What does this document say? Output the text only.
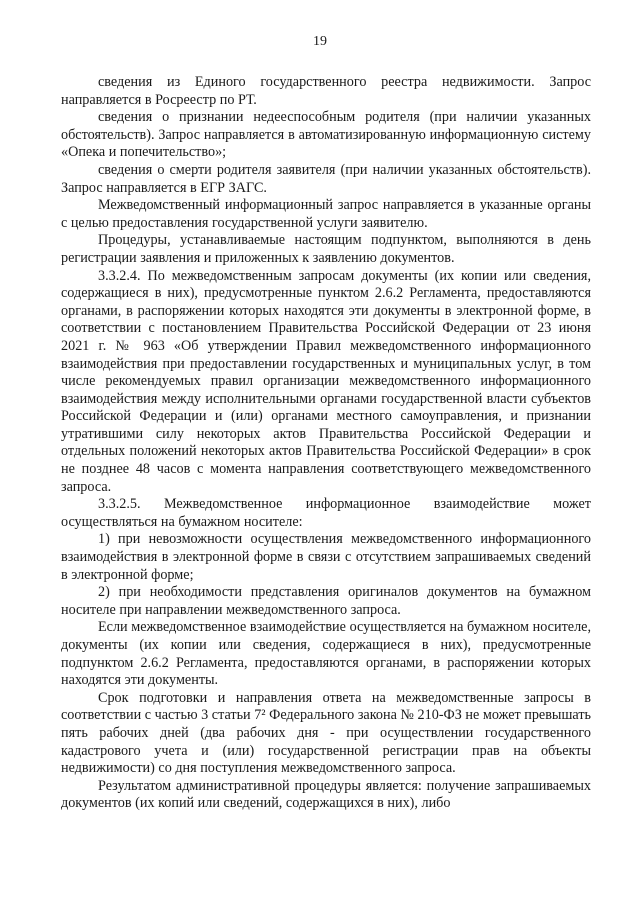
19

сведения из Единого государственного реестра недвижимости. Запрос направляется в Росреестр по РТ.

сведения о признании недееспособным родителя (при наличии указанных обстоятельств). Запрос направляется в автоматизированную информационную систему «Опека и попечительство»;

сведения о смерти родителя заявителя (при наличии указанных обстоятельств). Запрос направляется в ЕГР ЗАГС.

Межведомственный информационный запрос направляется в указанные органы с целью предоставления государственной услуги заявителю.

Процедуры, устанавливаемые настоящим подпунктом, выполняются в день регистрации заявления и приложенных к заявлению документов.

3.3.2.4. По межведомственным запросам документы (их копии или сведения, содержащиеся в них), предусмотренные пунктом 2.6.2 Регламента, предоставляются органами, в распоряжении которых находятся эти документы в электронной форме, в соответствии с постановлением Правительства Российской Федерации от 23 июня 2021 г. № 963 «Об утверждении Правил межведомственного информационного взаимодействия при предоставлении государственных и муниципальных услуг, в том числе рекомендуемых правил организации межведомственного информационного взаимодействия между исполнительными органами государственной власти субъектов Российской Федерации и (или) органами местного самоуправления, и признании утратившими силу некоторых актов Правительства Российской Федерации и отдельных положений некоторых актов Правительства Российской Федерации» в срок не позднее 48 часов с момента направления соответствующего межведомственного запроса.

3.3.2.5. Межведомственное информационное взаимодействие может осуществляться на бумажном носителе:

1) при невозможности осуществления межведомственного информационного взаимодействия в электронной форме в связи с отсутствием запрашиваемых сведений в электронной форме;

2) при необходимости представления оригиналов документов на бумажном носителе при направлении межведомственного запроса.

Если межведомственное взаимодействие осуществляется на бумажном носителе, документы (их копии или сведения, содержащиеся в них), предусмотренные подпунктом 2.6.2 Регламента, предоставляются органами, в распоряжении которых находятся эти документы.

Срок подготовки и направления ответа на межведомственные запросы в соответствии с частью 3 статьи 7² Федерального закона № 210-ФЗ не может превышать пять рабочих дней (два рабочих дня - при осуществлении государственного кадастрового учета и (или) государственной регистрации прав на объекты недвижимости) со дня поступления межведомственного запроса.

Результатом административной процедуры является: получение запрашиваемых документов (их копий или сведений, содержащихся в них), либо
